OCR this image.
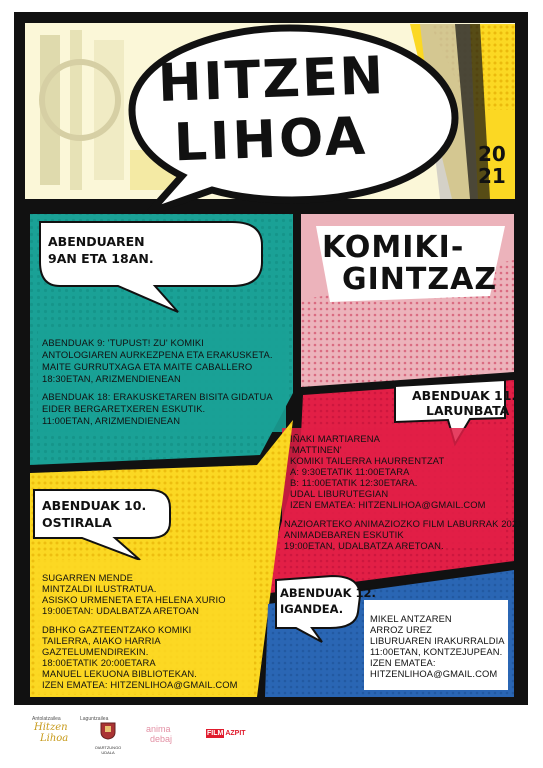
HITZEN
LIHOA	20
21
KOMIKI-
GINTZAZ
ABENDUAREN
9AN ETA 18AN.
ABENDUAK 9: 'TUPUST! ZU' KOMIKI
ANTOLOGIAREN AURKEZPENA ETA ERAKUSKETA.
MAITE GURRUTXAGA ETA MAITE CABALLERO
18:30ETAN, ARIZMENDIENEAN
ABENDUAK 18: ERAKUSKETAREN BISITA GIDATUA
EIDER BERGARETXEREN ESKUTIK.
11:00ETAN, ARIZMENDIENEAN
ABENDUAK 11.
LARUNBATA
IÑAKI MARTIARENA
'MATTINEN'
KOMIKI TAILERRA HAURRENTZAT
A: 9:30ETATIK 11:00ETARA
B: 11:00ETATIK 12:30ETARA.
UDAL LIBURUTEGIAN
IZEN EMATEA: HITZENLIHOA@GMAIL.COM
NAZIOARTEKO ANIMAZIOZKO FILM LABURRAK 2021
ANIMADEBAREN ESKUTIK
19:00ETAN, UDALBATZA ARETOAN.
ABENDUAK 10.
OSTIRALA
SUGARREN MENDE
MINTZALDI ILUSTRATUA.
ASISKO URMENETA ETA HELENA XURIO
19:00ETAN: UDALBATZA ARETOAN
DBHKO GAZTEENTZAKO KOMIKI
TAILERRA, AIAKO HARRIA
GAZTELUMENDIREKIN.
18:00ETATIK 20:00ETARA
MANUEL LEKUONA BIBLIOTEKAN.
IZEN EMATEA: HITZENLIHOA@GMAIL.COM
ABENDUAK 12.
IGANDEA.
MIKEL ANTZAREN
ARROZ UREZ
LIBURUAREN IRAKURRALDIA
11:00ETAN, KONTZEJUPEAN.
IZEN EMATEA:
HITZENLIHOA@GMAIL.COM
Antolatzailea
Hitzen
Lihoa
Laguntzailea
OIARTZUNGO
UDALA
anima
debaj
FILM AZPIT
